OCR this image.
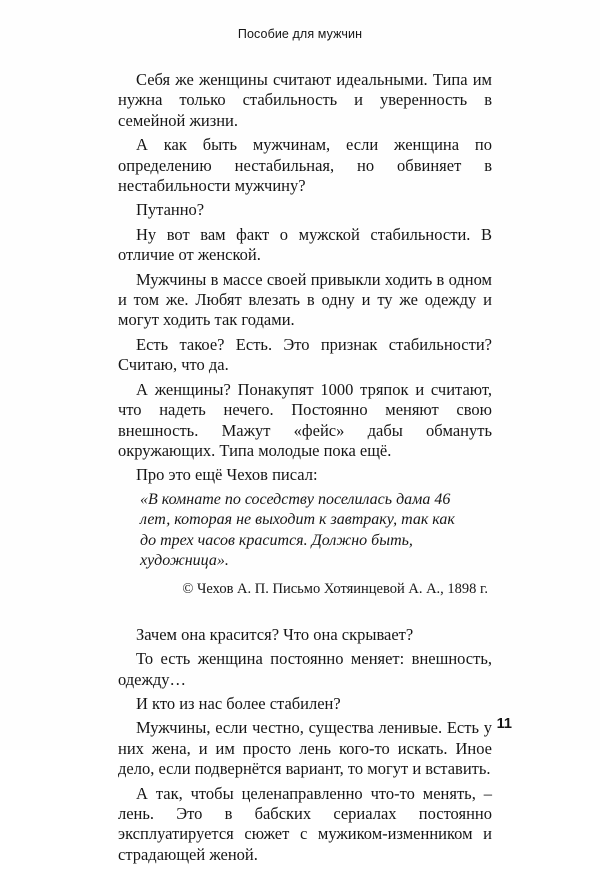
Пособие для мужчин

Себя же женщины считают идеальными. Типа им нужна только стабильность и уверенность в семейной жизни.

А как быть мужчинам, если женщина по определению нестабильная, но обвиняет в нестабильности мужчину?

Путанно?

Ну вот вам факт о мужской стабильности. В отличие от женской.

Мужчины в массе своей привыкли ходить в одном и том же. Любят влезать в одну и ту же одежду и могут ходить так годами.

Есть такое? Есть. Это признак стабильности? Считаю, что да.

А женщины? Понакупят 1000 тряпок и считают, что надеть нечего. Постоянно меняют свою внешность. Мажут «фейс» дабы обмануть окружающих. Типа молодые пока ещё.

Про это ещё Чехов писал:

«В комнате по соседству поселилась дама 46 лет, которая не выходит к завтраку, так как до трех часов красится. Должно быть, художница».

© Чехов А. П. Письмо Хотяинцевой А. А., 1898 г.

Зачем она красится? Что она скрывает?

То есть женщина постоянно меняет: внешность, одежду…

И кто из нас более стабилен?

Мужчины, если честно, существа ленивые. Есть у них жена, и им просто лень кого-то искать. Иное дело, если подвернётся вариант, то могут и вставить.

А так, чтобы целенаправленно что-то менять, – лень. Это в бабских сериалах постоянно эксплуатируется сюжет с мужиком-изменником и страдающей женой.

11
